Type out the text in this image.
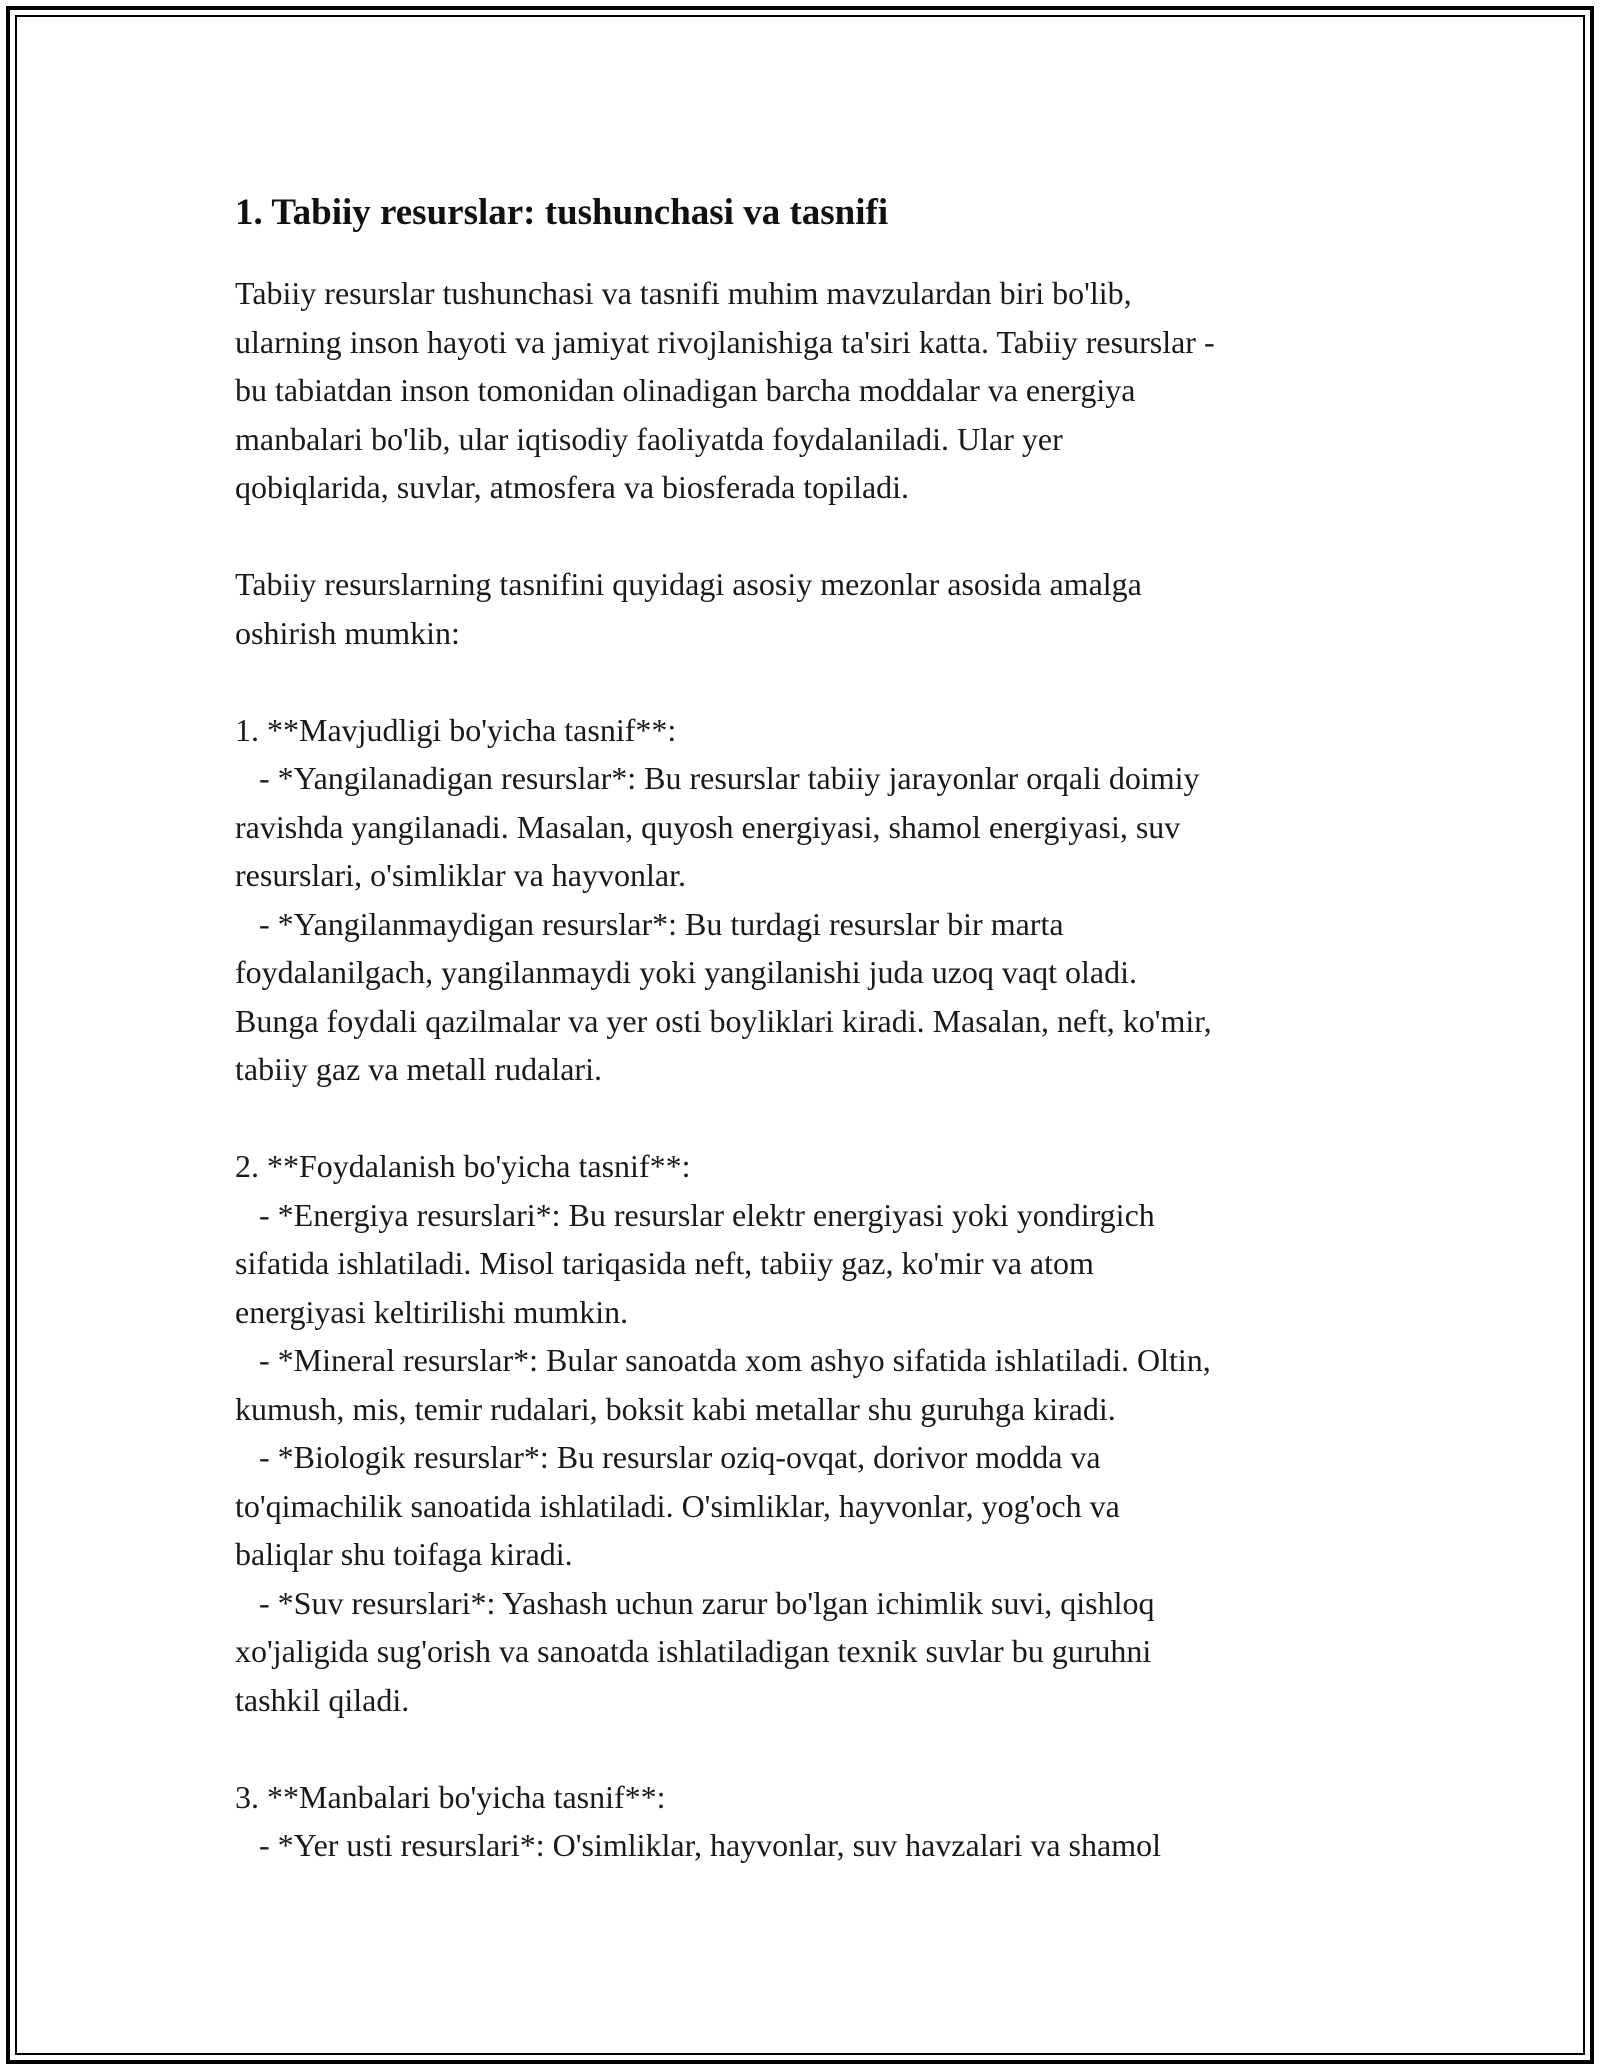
1. Tabiiy resurslar: tushunchasi va tasnifi

Tabiiy resurslar tushunchasi va tasnifi muhim mavzulardan biri bo'lib,
ularning inson hayoti va jamiyat rivojlanishiga ta'siri katta. Tabiiy resurslar -
bu tabiatdan inson tomonidan olinadigan barcha moddalar va energiya
manbalari bo'lib, ular iqtisodiy faoliyatda foydalaniladi. Ular yer
qobiqlarida, suvlar, atmosfera va biosferada topiladi.

Tabiiy resurslarning tasnifini quyidagi asosiy mezonlar asosida amalga
oshirish mumkin:

1. **Mavjudligi bo'yicha tasnif**:
- *Yangilanadigan resurslar*: Bu resurslar tabiiy jarayonlar orqali doimiy
ravishda yangilanadi. Masalan, quyosh energiyasi, shamol energiyasi, suv
resurslari, o'simliklar va hayvonlar.
- *Yangilanmaydigan resurslar*: Bu turdagi resurslar bir marta
foydalanilgach, yangilanmaydi yoki yangilanishi juda uzoq vaqt oladi.
Bunga foydali qazilmalar va yer osti boyliklari kiradi. Masalan, neft, ko'mir,
tabiiy gaz va metall rudalari.

2. **Foydalanish bo'yicha tasnif**:
- *Energiya resurslari*: Bu resurslar elektr energiyasi yoki yondirgich
sifatida ishlatiladi. Misol tariqasida neft, tabiiy gaz, ko'mir va atom
energiyasi keltirilishi mumkin.
- *Mineral resurslar*: Bular sanoatda xom ashyo sifatida ishlatiladi. Oltin,
kumush, mis, temir rudalari, boksit kabi metallar shu guruhga kiradi.
- *Biologik resurslar*: Bu resurslar oziq-ovqat, dorivor modda va
to'qimachilik sanoatida ishlatiladi. O'simliklar, hayvonlar, yog'och va
baliqlar shu toifaga kiradi.
- *Suv resurslari*: Yashash uchun zarur bo'lgan ichimlik suvi, qishloq
xo'jaligida sug'orish va sanoatda ishlatiladigan texnik suvlar bu guruhni
tashkil qiladi.

3. **Manbalari bo'yicha tasnif**:
- *Yer usti resurslari*: O'simliklar, hayvonlar, suv havzalari va shamol
